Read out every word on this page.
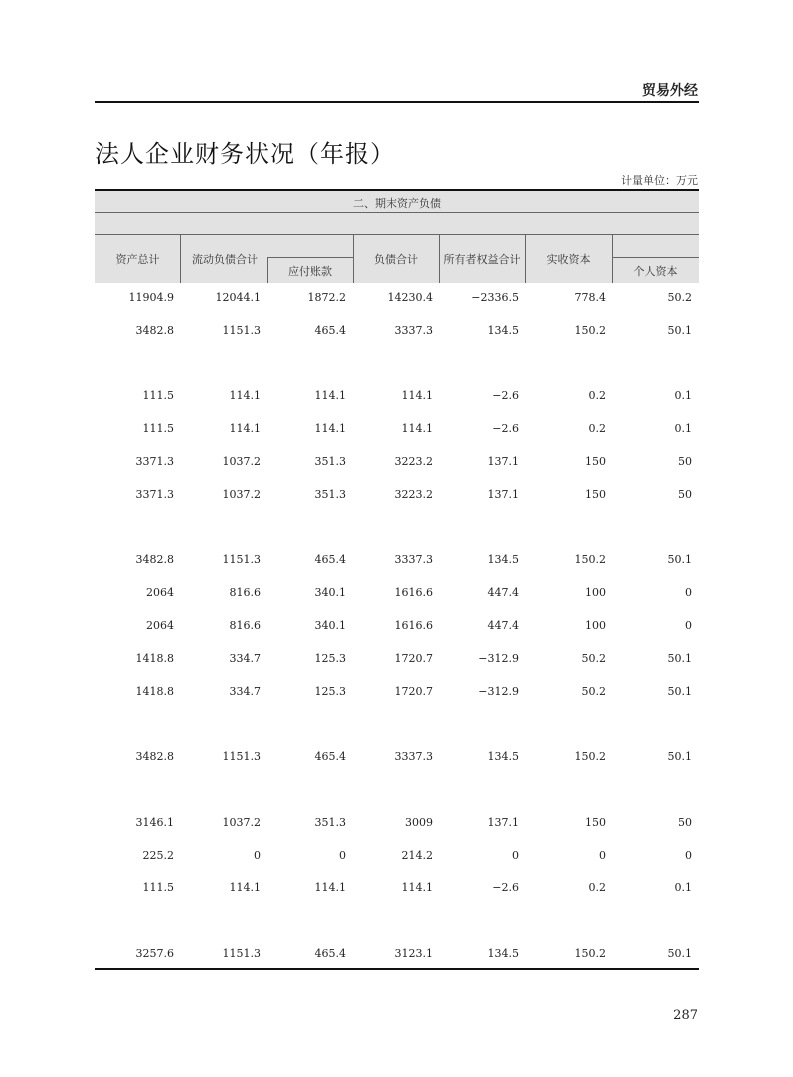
贸易外经
法人企业财务状况（年报）
计量单位：万元
二、期末资产负债
资产总计	流动负债合计
应付账款
负债合计	所有者权益合计	实收资本
个人资本
11904.9	12044.1	1872.2	14230.4	−2336.5	778.4	50.2
3482.8	1151.3	465.4	3337.3	134.5	150.2	50.1
111.5	114.1	114.1	114.1	−2.6	0.2	0.1
111.5	114.1	114.1	114.1	−2.6	0.2	0.1
3371.3	1037.2	351.3	3223.2	137.1	150	50
3371.3	1037.2	351.3	3223.2	137.1	150	50
3482.8	1151.3	465.4	3337.3	134.5	150.2	50.1
2064	816.6	340.1	1616.6	447.4	100	0
2064	816.6	340.1	1616.6	447.4	100	0
1418.8	334.7	125.3	1720.7	−312.9	50.2	50.1
1418.8	334.7	125.3	1720.7	−312.9	50.2	50.1
3482.8	1151.3	465.4	3337.3	134.5	150.2	50.1
3146.1	1037.2	351.3	3009	137.1	150	50
225.2	0	0	214.2	0	0	0
111.5	114.1	114.1	114.1	−2.6	0.2	0.1
3257.6	1151.3	465.4	3123.1	134.5	150.2	50.1
287
